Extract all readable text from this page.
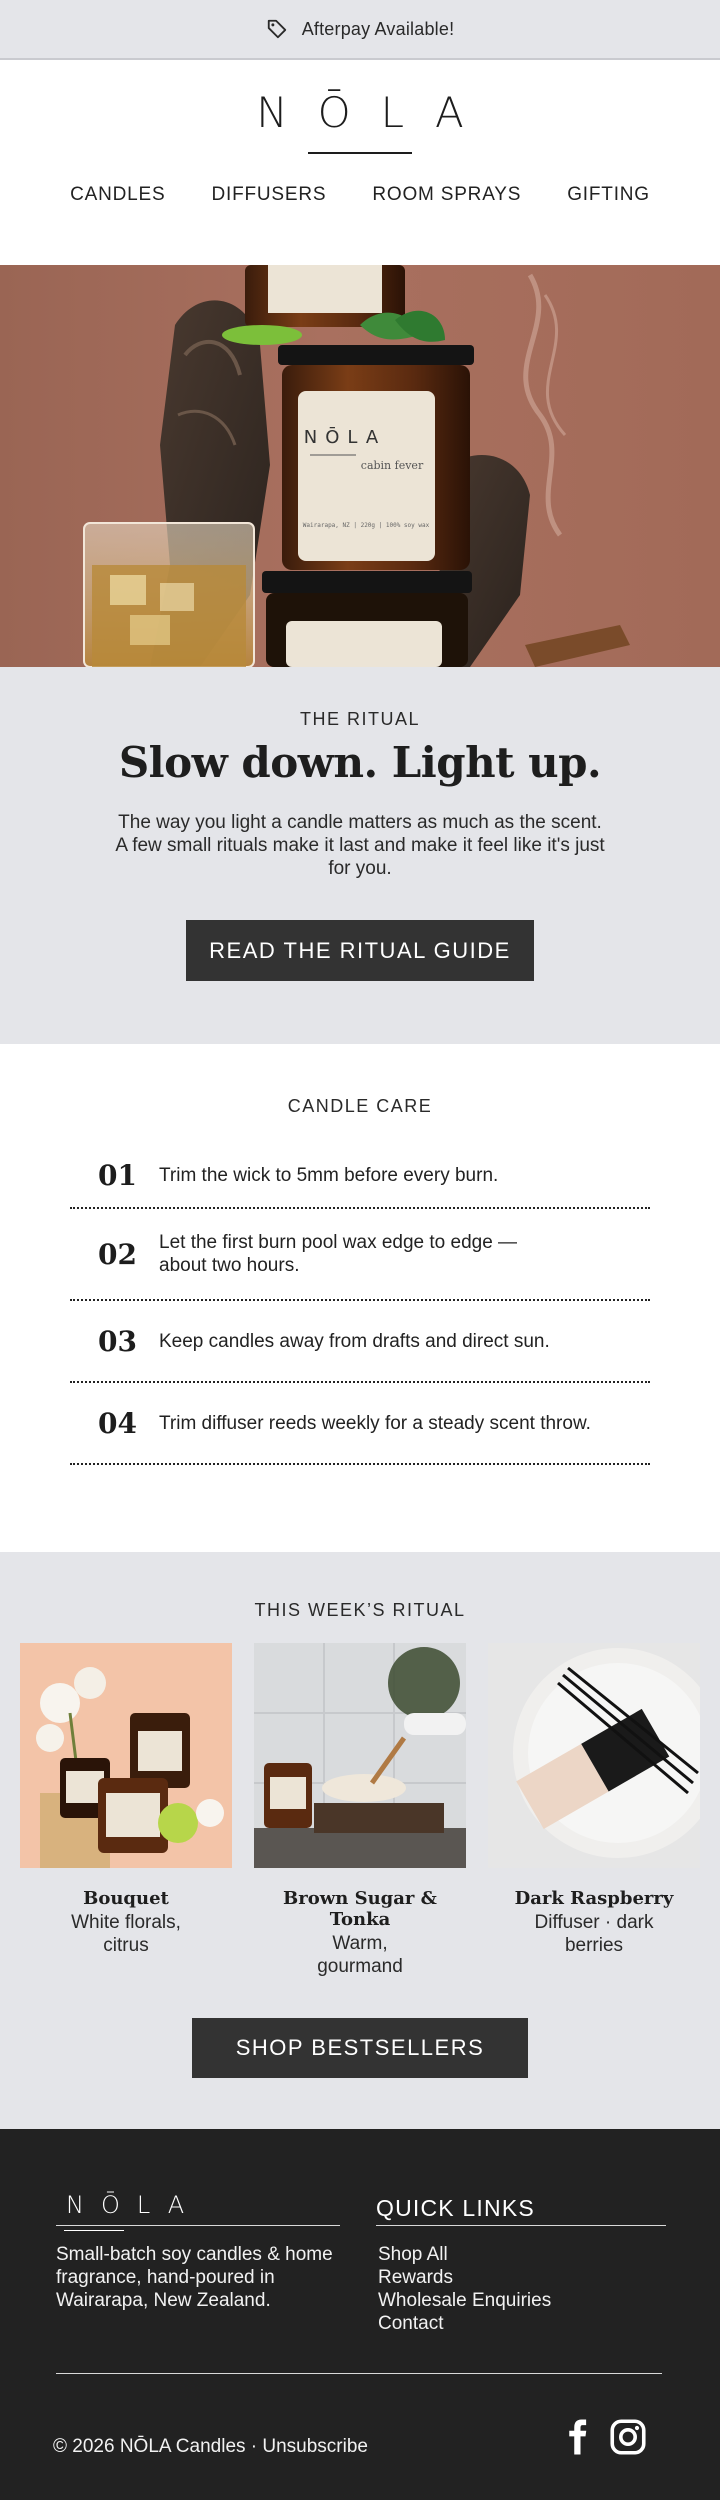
Afterpay Available!
NŌLA
CANDLES	DIFFUSERS	ROOM SPRAYS	GIFTING
NŌLA
cabin fever
Wairarapa, NZ | 220g | 100% soy wax
THE RITUAL
Slow down. Light up.

The way you light a candle matters as much as the scent. A few small rituals make it last and make it feel like it's just for you.

READ THE RITUAL GUIDE
CANDLE CARE
01	Trim the wick to 5mm before every burn.
02	Let the first burn pool wax edge to edge — about two hours.
03	Keep candles away from drafts and direct sun.
04	Trim diffuser reeds weekly for a steady scent throw.
THIS WEEK’S RITUAL
Bouquet
White florals, citrus
Brown Sugar & Tonka
Warm, gourmand
Dark Raspberry
Diffuser · dark berries
SHOP BESTSELLERS
NŌLA
Small-batch soy candles & home fragrance, hand-poured in Wairarapa, New Zealand.
QUICK LINKS
Shop All
Rewards
Wholesale Enquiries
Contact
© 2026 NŌLA Candles · Unsubscribe
